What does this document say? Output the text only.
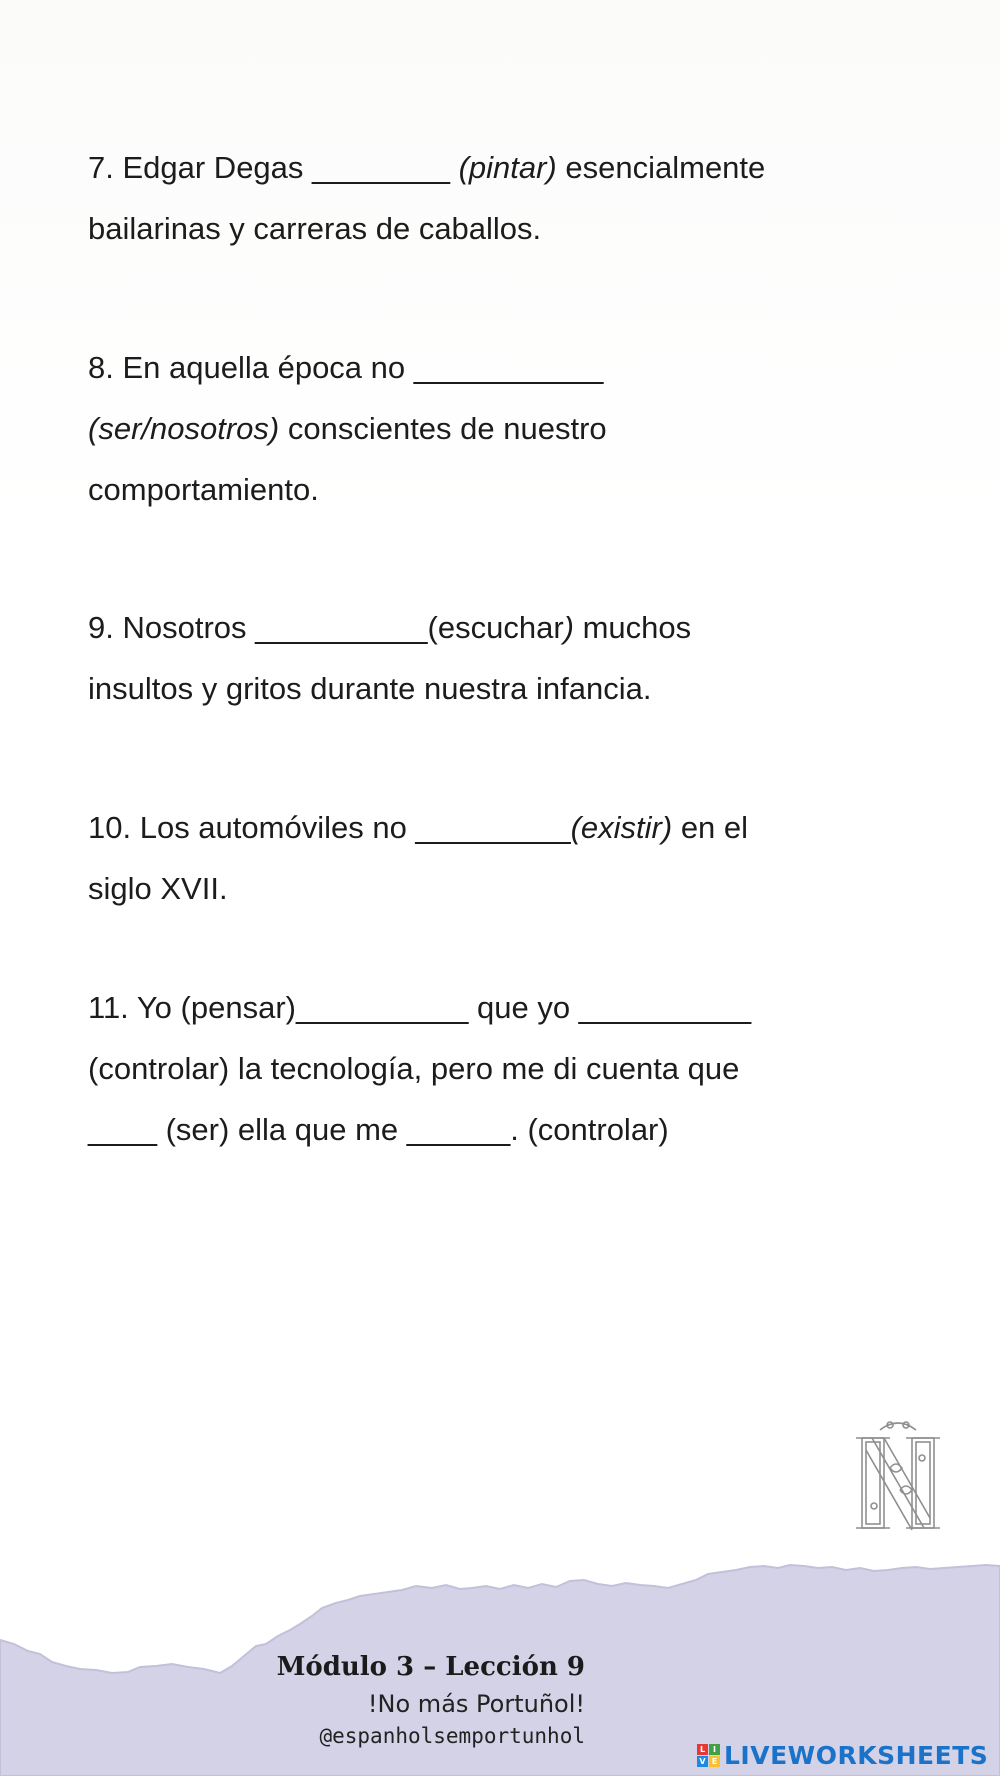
7. Edgar Degas ________ (pintar) esencialmente
bailarinas y carreras de caballos.
8. En aquella época no ___________
(ser/nosotros) conscientes de nuestro
comportamiento.
9. Nosotros __________(escuchar) muchos
insultos y gritos durante nuestra infancia.
10. Los automóviles no _________(existir) en el
siglo XVII.
11. Yo (pensar)__________ que yo __________
(controlar) la tecnología, pero me di cuenta que
____ (ser) ella que me ______. (controlar)
Módulo 3 – Lección 9
!No más Portuñol!
@espanholsemportunhol
L I
V E LIVEWORKSHEETS
